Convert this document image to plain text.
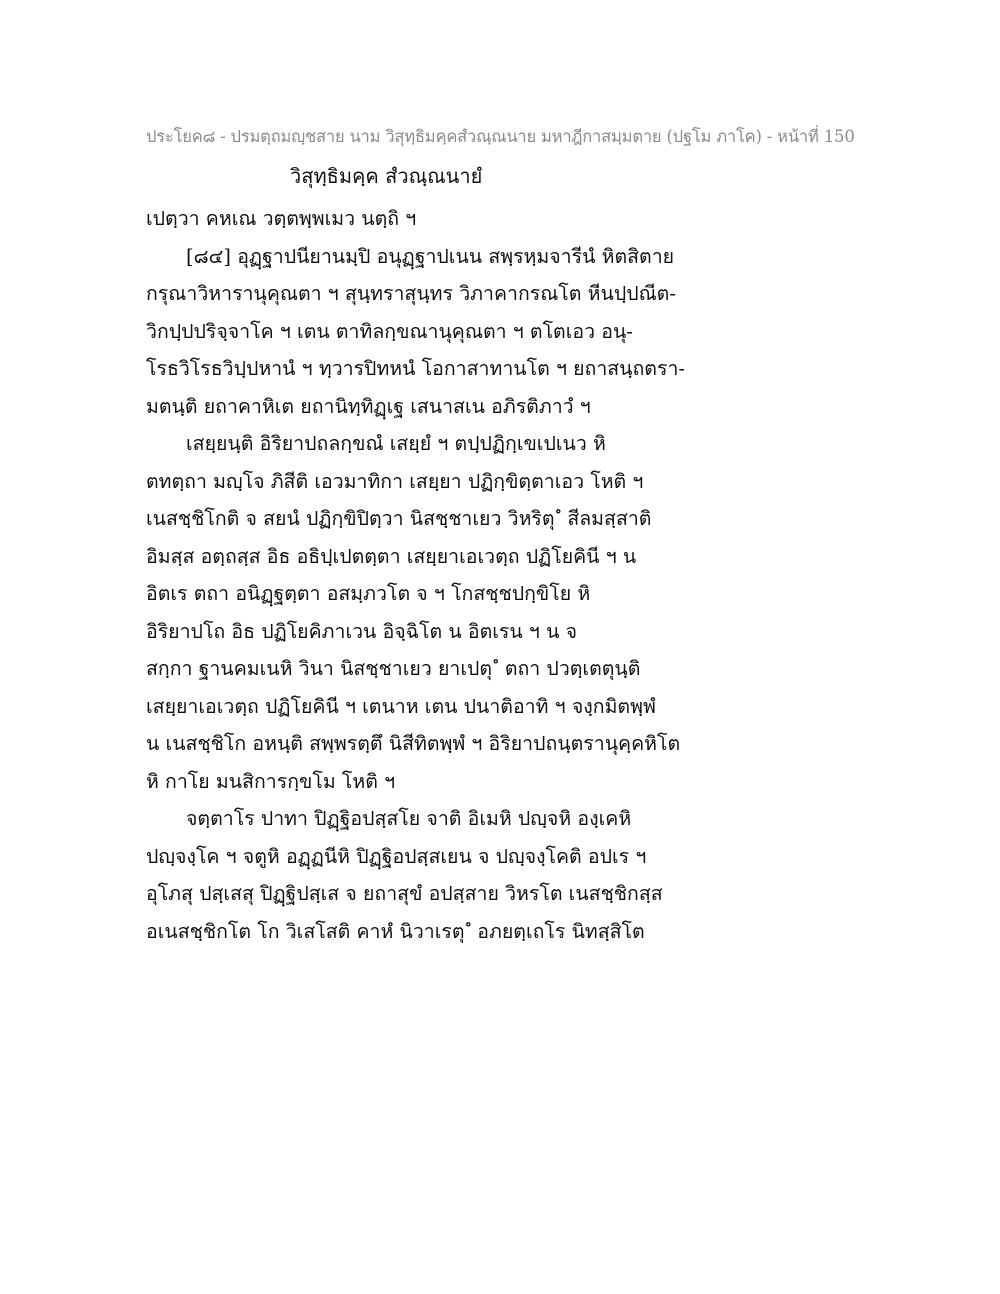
ประโยค๘ - ปรมตฺถมญฺชสาย นาม วิสุทฺธิมคฺคสํวณฺณนาย มหาฎีกาสมฺมตาย (ปฐโม ภาโค) - หน้าที่ 150
วิสุทฺธิมคฺค สํวณฺณนายํ
เปตฺวา คหเณ วตฺตพฺพเมว นตฺถิ ฯ
[๘๔] อุฏฺฐาปนียานมฺปิ อนุฏฺฐาปเนน สพฺรหฺมจารีนํ หิตสิตาย
กรุณาวิหารานุคุณตา ฯ สุนฺทราสุนฺทร วิภาคากรณโต หีนปฺปณีต-
วิกปฺปปริจฺจาโค ฯ เตน ตาทิลกฺขณานุคุณตา ฯ ตโตเอว อนุ-
โรธวิโรธวิปฺปหานํ ฯ ทฺวารปิทหนํ โอกาสาทานโต ฯ ยถาสนฺถตรา-
มตนฺติ ยถาคาหิเต ยถานิทฺทิฏฺเฐ เสนาสเน อภิรติภาวํ ฯ
เสยฺยนฺติ อิริยาปถลกฺขณํ เสยฺยํ ฯ ตปฺปฏิกฺเขเปเนว หิ
ตทตฺถา มญฺโจ ภิสีติ เอวมาทิกา เสยฺยา ปฏิกฺขิตฺตาเอว โหติ ฯ
เนสชฺชิโกติ จ สยนํ ปฏิกฺขิปิตฺวา นิสชฺชาเยว วิหริตุ ํ สีลมสฺสาติ
อิมสฺส อตฺถสฺส อิธ อธิปฺเปตตฺตา เสยฺยาเอเวตฺถ ปฏิโยคินี ฯ น
อิตเร ตถา อนิฏฺฐตฺตา อสมฺภวโต จ ฯ โกสชฺชปกฺขิโย หิ
อิริยาปโถ อิธ ปฏิโยคิภาเวน อิจฺฉิโต น อิตเรน ฯ น จ
สกฺกา ฐานคมเนหิ วินา นิสชฺชาเยว ยาเปตุ ํ ตถา ปวตฺเตตุนฺติ
เสยฺยาเอเวตฺถ ปฏิโยคินี ฯ เตนาห เตน ปนาติอาทิ ฯ จงฺกมิตพฺพํ
น เนสชฺชิโก อหนฺติ สพฺพรตฺตึ นิสีทิตพฺพํ ฯ อิริยาปถนฺตรานุคฺคหิโต
หิ กาโย มนสิการกฺขโม โหติ ฯ
จตฺตาโร ปาทา ปิฏฺฐิอปสฺสโย จาติ อิเมหิ ปญฺจหิ องฺเคหิ
ปญฺจงฺโค ฯ จตูหิ อฏฺฏนีหิ ปิฏฺฐิอปสฺสเยน จ ปญฺจงฺโคติ อปเร ฯ
อุโภสุ ปสฺเสสุ ปิฏฺฐิปสฺเส จ ยถาสุขํ อปสฺสาย วิหรโต เนสชฺชิกสฺส
อเนสชฺชิกโต โก วิเสโสติ คาหํ นิวาเรตุ ํ อภยตฺเถโร นิทสฺสิโต
